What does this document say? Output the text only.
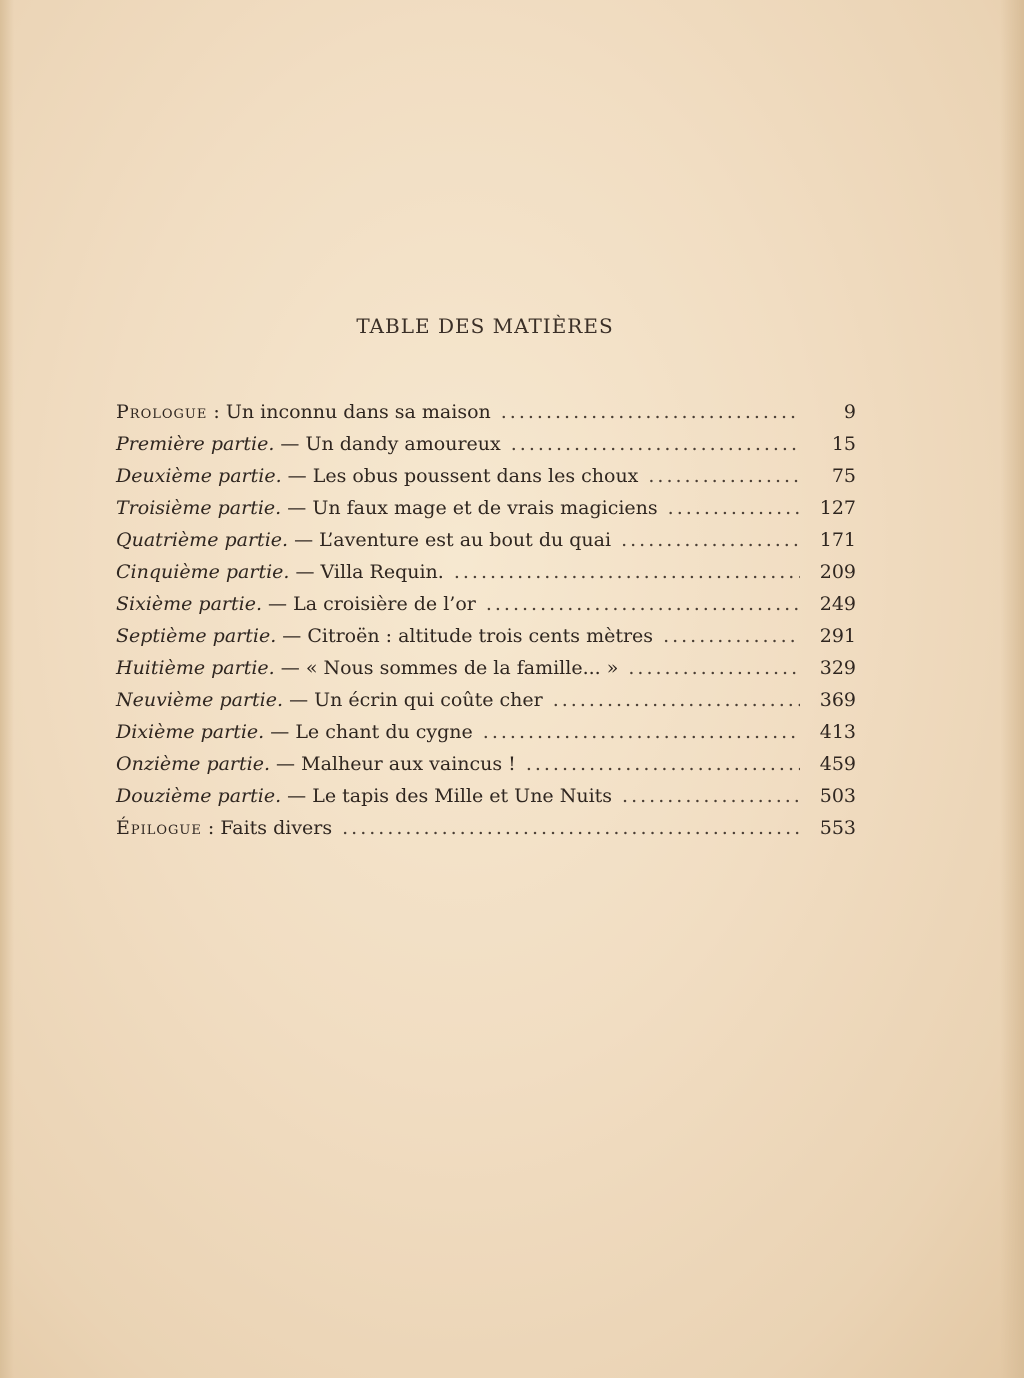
TABLE DES MATIÈRES
Prologue : Un inconnu dans sa maison .....	9
Première partie. — Un dandy amoureux .....	15
Deuxième partie. — Les obus poussent dans les choux .....	75
Troisième partie. — Un faux mage et de vrais magiciens .....	127
Quatrième partie. — L’aventure est au bout du quai .....	171
Cinquième partie. — Villa Requin. .....	209
Sixième partie. — La croisière de l’or .....	249
Septième partie. — Citroën : altitude trois cents mètres .....	291
Huitième partie. — « Nous sommes de la famille... » .....	329
Neuvième partie. — Un écrin qui coûte cher .....	369
Dixième partie. — Le chant du cygne .....	413
Onzième partie. — Malheur aux vaincus ! .....	459
Douzième partie. — Le tapis des Mille et Une Nuits .....	503
Épilogue : Faits divers .....	553
